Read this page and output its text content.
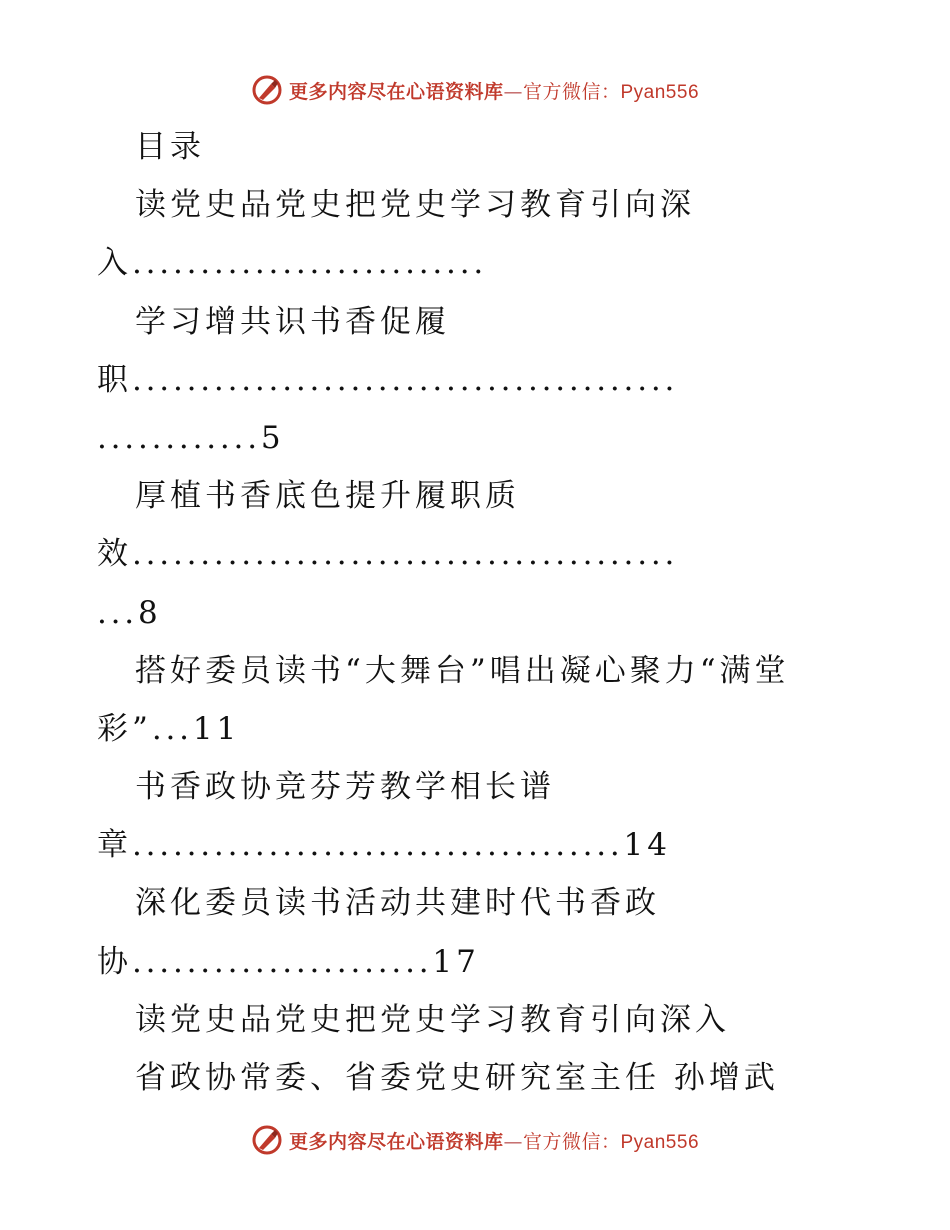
更多内容尽在心语资料库—官方微信：Pyan556
目录
读党史品党史把党史学习教育引向深
入..........................
学习增共识书香促履
职........................................
............5
厚植书香底色提升履职质
效........................................
...8
搭好委员读书“大舞台”唱出凝心聚力“满堂
彩”...11
书香政协竞芬芳教学相长谱
章....................................14
深化委员读书活动共建时代书香政
协......................17
读党史品党史把党史学习教育引向深入
省政协常委、省委党史研究室主任 孙增武
更多内容尽在心语资料库—官方微信：Pyan556
